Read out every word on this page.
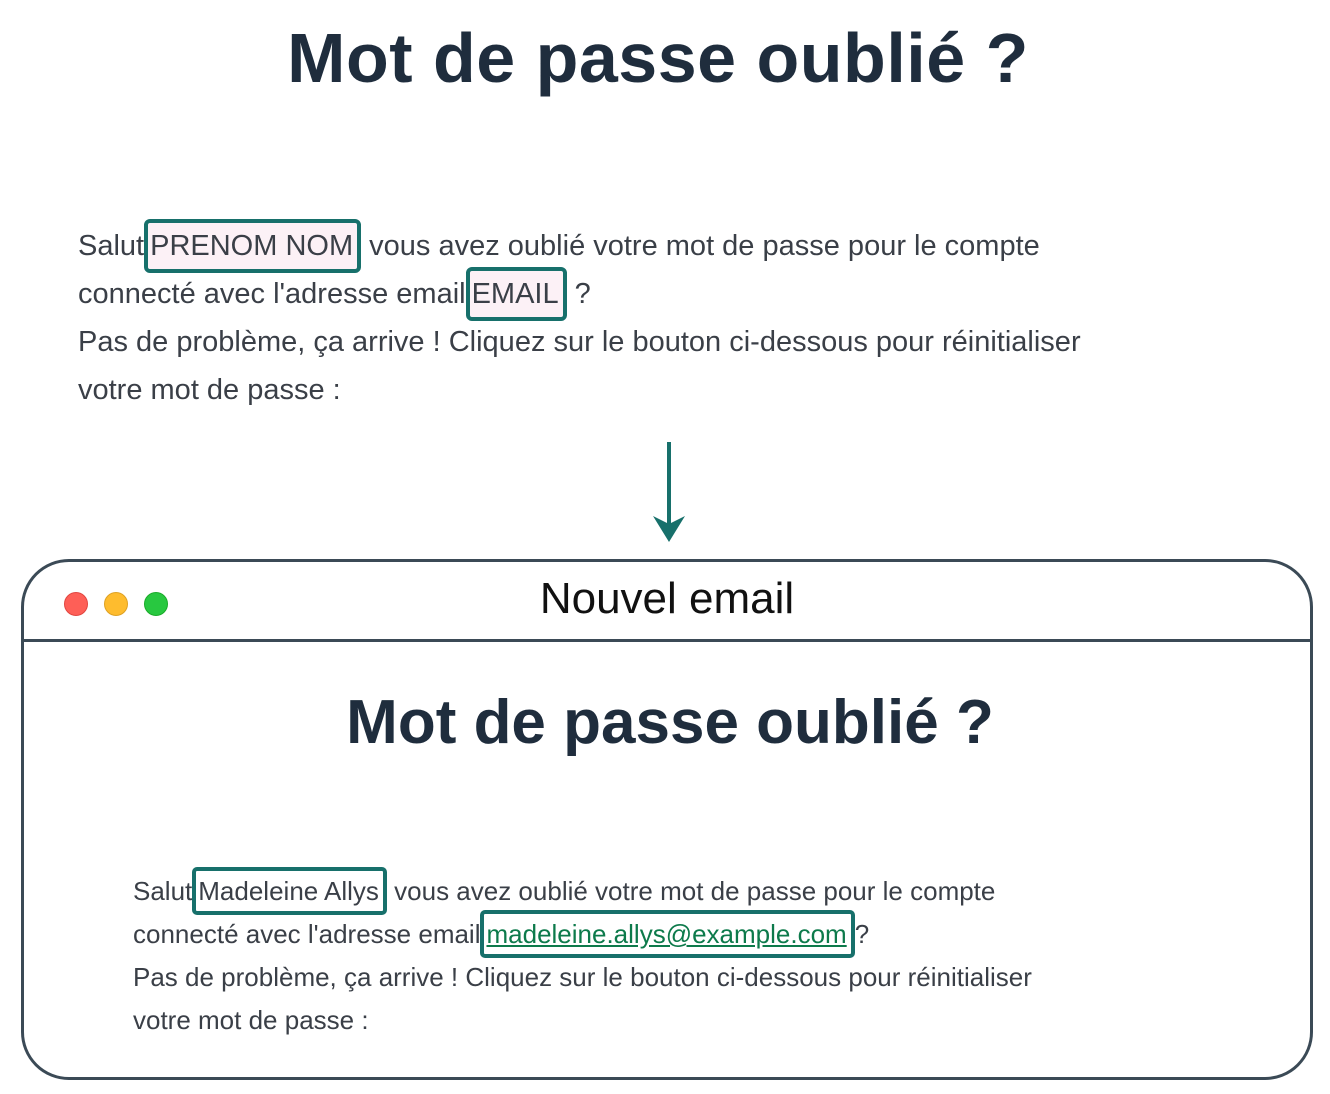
Mot de passe oublié ?

Salut PRENOM NOM vous avez oublié votre mot de passe pour le compte

connecté avec l'adresse email EMAIL ?

Pas de problème, ça arrive ! Cliquez sur le bouton ci-dessous pour réinitialiser

votre mot de passe :

Nouvel email
Mot de passe oublié ?

Salut Madeleine Allys vous avez oublié votre mot de passe pour le compte

connecté avec l'adresse email madeleine.allys@example.com ?

Pas de problème, ça arrive ! Cliquez sur le bouton ci-dessous pour réinitialiser

votre mot de passe :
